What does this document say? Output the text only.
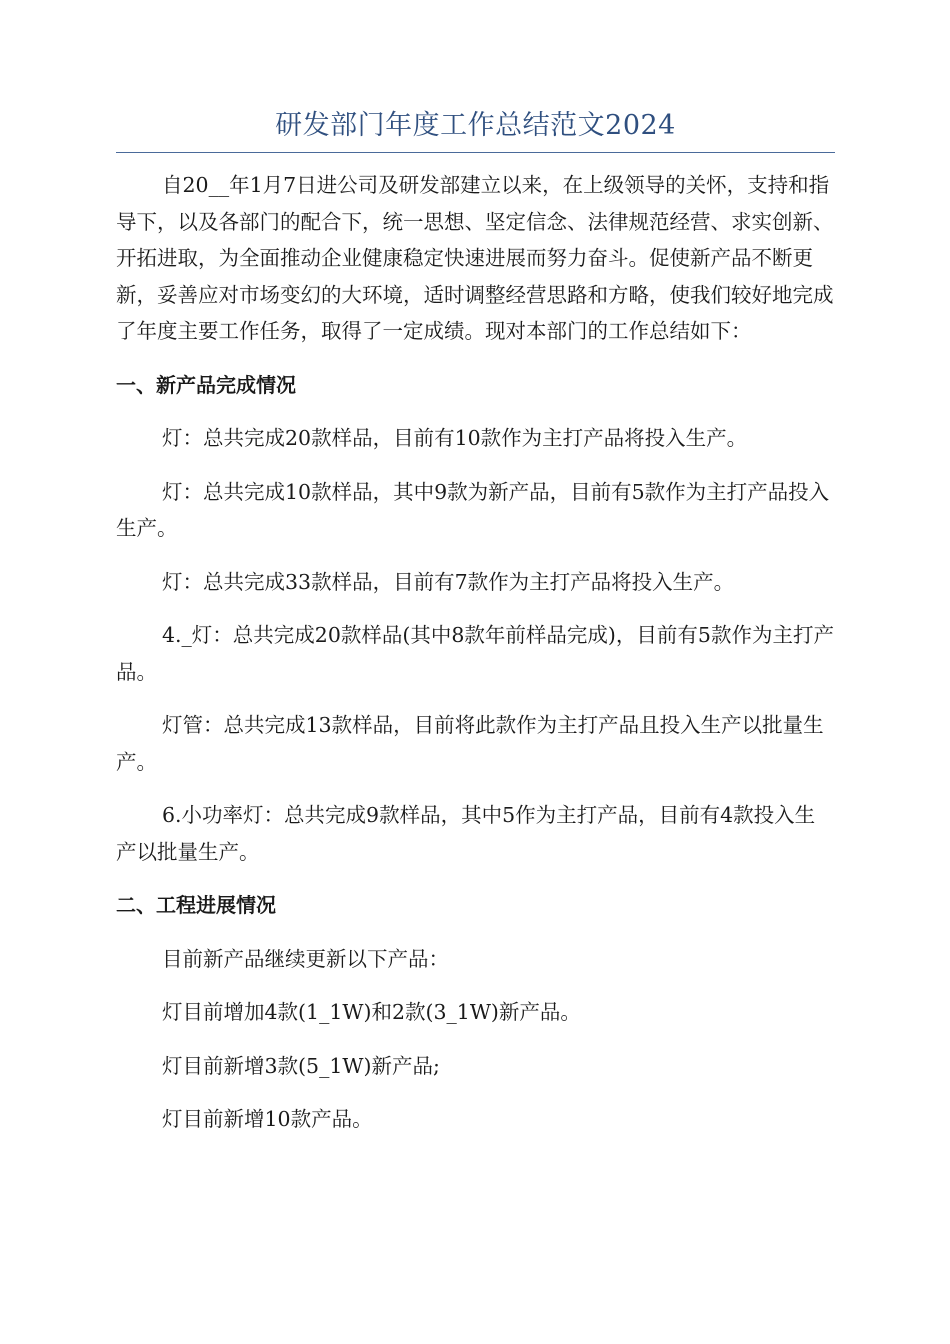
研发部门年度工作总结范文2024

自20__年1月7日进公司及研发部建立以来，在上级领导的关怀，支持和指导下，以及各部门的配合下，统一思想、坚定信念、法律规范经营、求实创新、开拓进取，为全面推动企业健康稳定快速进展而努力奋斗。促使新产品不断更新，妥善应对市场变幻的大环境，适时调整经营思路和方略，使我们较好地完成了年度主要工作任务，取得了一定成绩。现对本部门的工作总结如下：

一、新产品完成情况

灯：总共完成20款样品，目前有10款作为主打产品将投入生产。

灯：总共完成10款样品，其中9款为新产品，目前有5款作为主打产品投入生产。

灯：总共完成33款样品，目前有7款作为主打产品将投入生产。

4._灯：总共完成20款样品(其中8款年前样品完成)，目前有5款作为主打产品。

灯管：总共完成13款样品，目前将此款作为主打产品且投入生产以批量生产。

6.小功率灯：总共完成9款样品，其中5作为主打产品，目前有4款投入生产以批量生产。

二、工程进展情况

目前新产品继续更新以下产品：

灯目前增加4款(1_1W)和2款(3_1W)新产品。

灯目前新增3款(5_1W)新产品;

灯目前新增10款产品。
